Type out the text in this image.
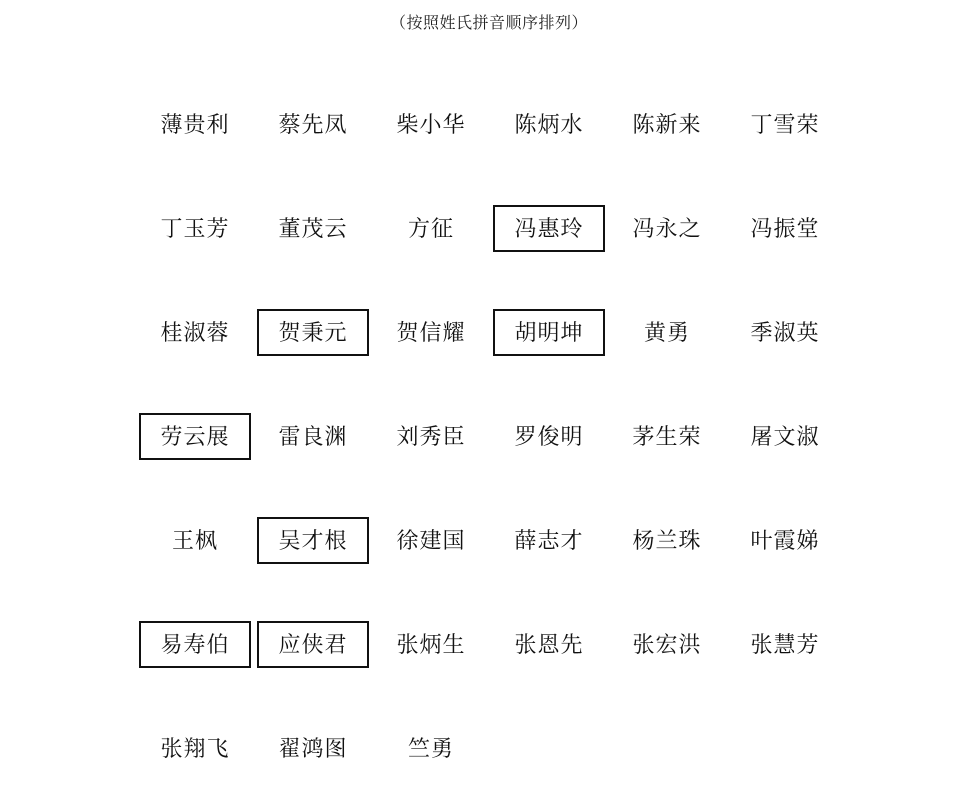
（按照姓氏拼音顺序排列）
薄贵利	蔡先凤	柴小华	陈炳水	陈新来	丁雪荣
丁玉芳	董茂云	方征	冯惠玲	冯永之	冯振堂
桂淑蓉	贺秉元	贺信耀	胡明坤	黄勇	季淑英
劳云展	雷良渊	刘秀臣	罗俊明	茅生荣	屠文淑
王枫	吴才根	徐建国	薛志才	杨兰珠	叶霞娣
易寿伯	应侠君	张炳生	张恩先	张宏洪	张慧芳
张翔飞	翟鸿图	竺勇
